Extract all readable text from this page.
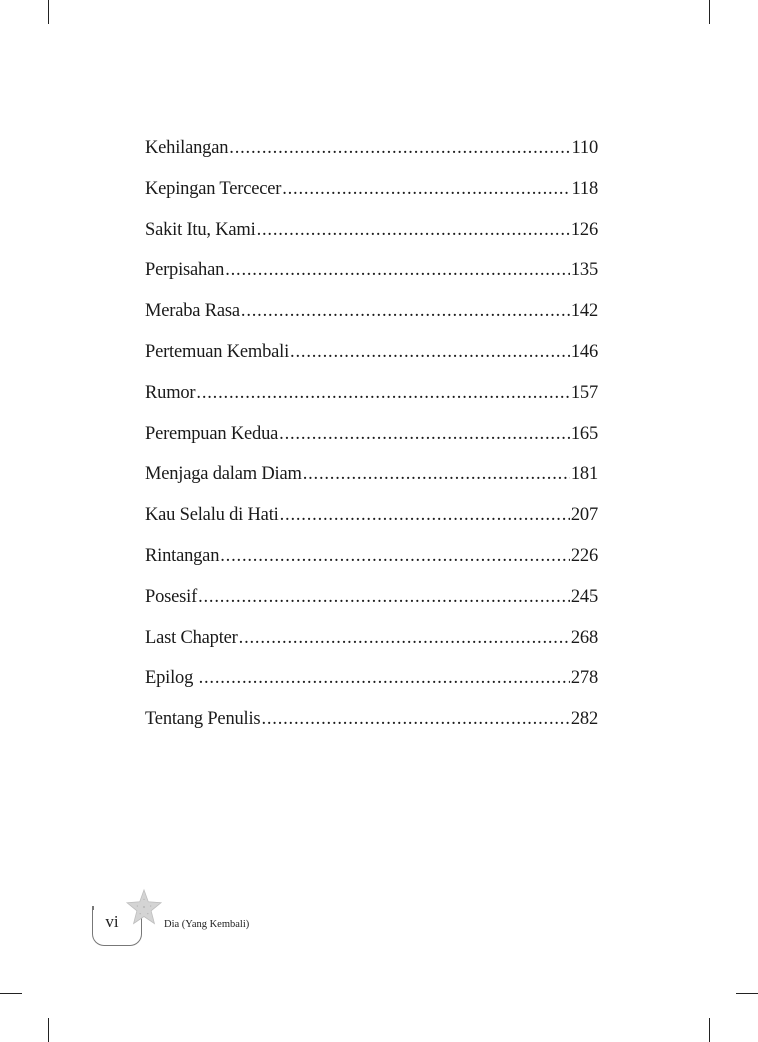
Kehilangan .....	110
Kepingan Tercecer .....	118
Sakit Itu, Kami .....	126
Perpisahan .....	135
Meraba Rasa .....	142
Pertemuan Kembali .....	146
Rumor .....	157
Perempuan Kedua .....	165
Menjaga dalam Diam .....	181
Kau Selalu di Hati .....	207
Rintangan .....	226
Posesif .....	245
Last Chapter .....	268
Epilog .....	278
Tentang Penulis .....	282
vi	Dia (Yang Kembali)
